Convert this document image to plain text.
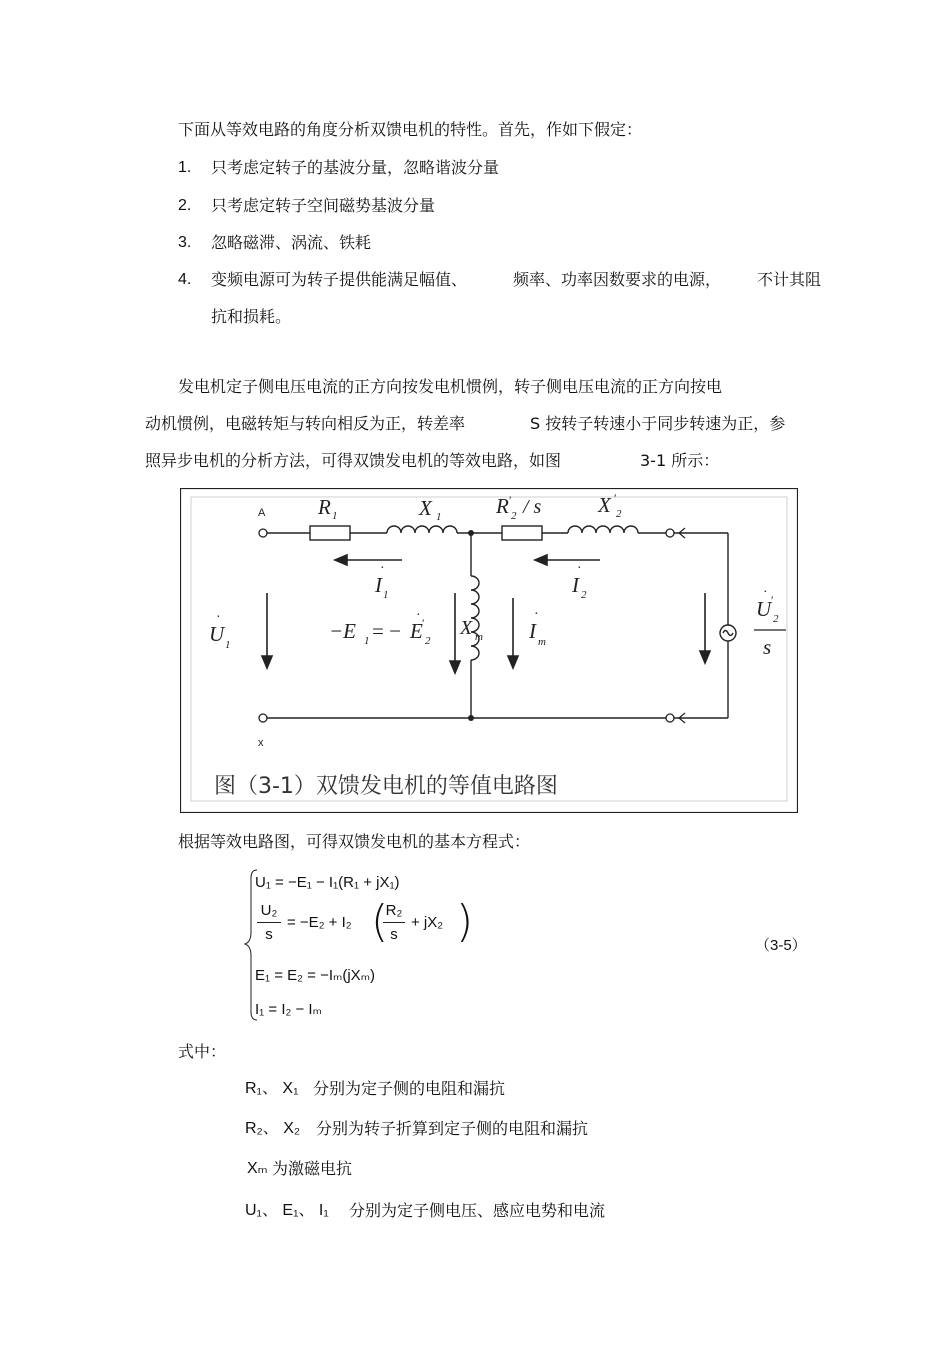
下面从等效电路的角度分析双馈电机的特性。首先，作如下假定：
1. 只考虑定转子的基波分量，忽略谐波分量
2. 只考虑定转子空间磁势基波分量
3. 忽略磁滞、涡流、铁耗
4. 变频电源可为转子提供能满足幅值、	频率、功率因数要求的电源， 不计其阻
抗和损耗。
发电机定子侧电压电流的正方向按发电机惯例，转子侧电压电流的正方向按电
动机惯例，电磁转矩与转向相反为正，转差率	S 按转子转速小于同步转速为正，参
照异步电机的分析方法，可得双馈发电机的等效电路，如图	3-1 所示：
A
x
R 1	X 1	R ′
2 / s	X ′
2
I
·
1	I
·
2
U
·
1
−E 1 = − E
· ′
2
X m I
·
m
U
· ′
2
s
图（3-1）双馈发电机的等值电路图
根据等效电路图，可得双馈发电机的基本方程式：
U₁ = −E₁ − I₁(R₁ + jX₁)
U₂
s
= −E₂ + I₂ (
R₂
s
+ jX₂ )
E₁ = E₂ = −Iₘ(jXₘ)
I₁ = I₂ − Iₘ
（3-5）
式中：
R₁、 X₁ 分别为定子侧的电阻和漏抗
R₂、 X₂ 分别为转子折算到定子侧的电阻和漏抗
Xₘ 为激磁电抗
U₁、 E₁、 I₁ 分别为定子侧电压、感应电势和电流
